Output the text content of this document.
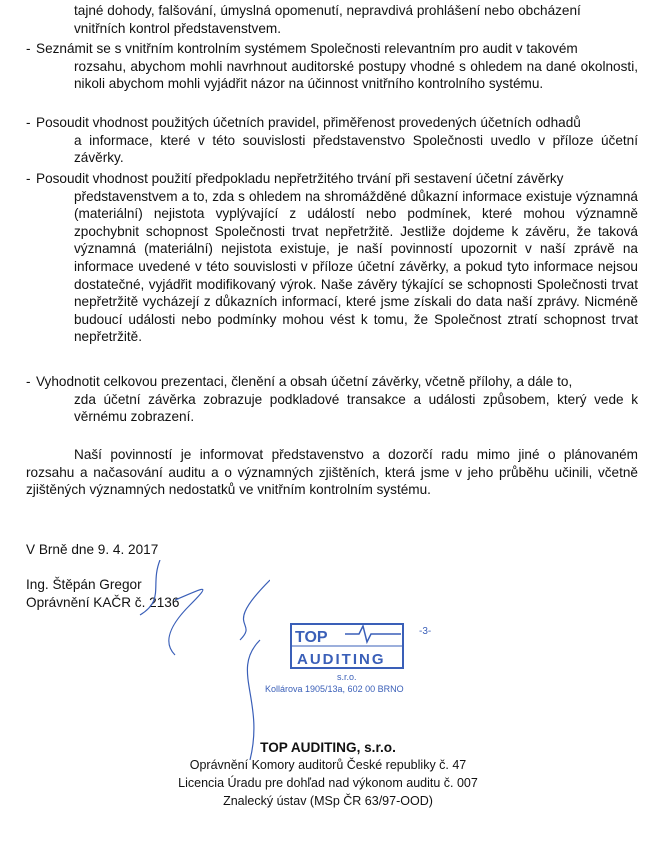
tajné dohody, falšování, úmyslná opomenutí, nepravdivá prohlášení nebo obcházení
vnitřních kontrol představenstvem.
- Seznámit se s vnitřním kontrolním systémem Společnosti relevantním pro audit v takovém
rozsahu, abychom mohli navrhnout auditorské postupy vhodné s ohledem na dané okolnosti, nikoli abychom mohli vyjádřit názor na účinnost vnitřního kontrolního systému.
- Posoudit vhodnost použitých účetních pravidel, přiměřenost provedených účetních odhadů
a informace, které v této souvislosti představenstvo Společnosti uvedlo v příloze účetní závěrky.
- Posoudit vhodnost použití předpokladu nepřetržitého trvání při sestavení účetní závěrky
představenstvem a to, zda s ohledem na shromážděné důkazní informace existuje významná (materiální) nejistota vyplývající z událostí nebo podmínek, které mohou významně zpochybnit schopnost Společnosti trvat nepřetržitě. Jestliže dojdeme k závěru, že taková významná (materiální) nejistota existuje, je naší povinností upozornit v naší zprávě na informace uvedené v této souvislosti v příloze účetní závěrky, a pokud tyto informace nejsou dostatečné, vyjádřit modifikovaný výrok. Naše závěry týkající se schopnosti Společnosti trvat nepřetržitě vycházejí z důkazních informací, které jsme získali do data naší zprávy. Nicméně budoucí události nebo podmínky mohou vést k tomu, že Společnost ztratí schopnost trvat nepřetržitě.
- Vyhodnotit celkovou prezentaci, členění a obsah účetní závěrky, včetně přílohy, a dále to,
zda účetní závěrka zobrazuje podkladové transakce a události způsobem, který vede k věrnému zobrazení.

Naší povinností je informovat představenstvo a dozorčí radu mimo jiné o plánovaném rozsahu a načasování auditu a o významných zjištěních, která jsme v jeho průběhu učinili, včetně zjištěných významných nedostatků ve vnitřním kontrolním systému.

V Brně dne 9. 4. 2017
Ing. Štěpán Gregor
Oprávnění KAČR č. 2136
TOP
AUDITING
-3-
s.r.o.
Kollárova 1905/13a, 602 00 BRNO
TOP AUDITING, s.r.o.
Oprávnění Komory auditorů České republiky č. 47
Licencia Úradu pre dohľad nad výkonom auditu č. 007
Znalecký ústav (MSp ČR 63/97-OOD)
